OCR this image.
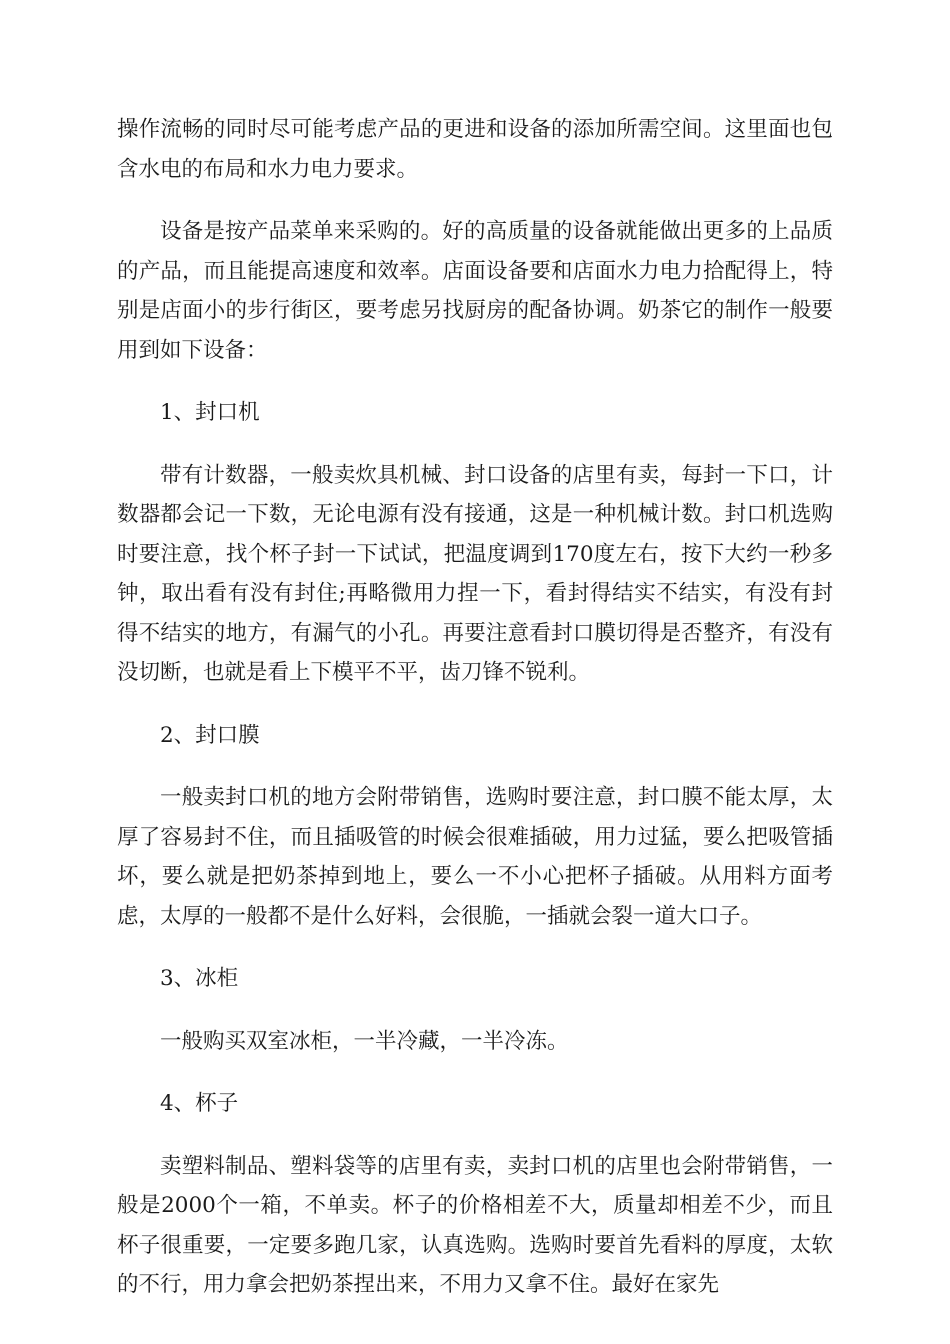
操作流畅的同时尽可能考虑产品的更进和设备的添加所需空间。这里面也包含水电的布局和水力电力要求。

设备是按产品菜单来采购的。好的高质量的设备就能做出更多的上品质的产品，而且能提高速度和效率。店面设备要和店面水力电力拾配得上，特别是店面小的步行街区，要考虑另找厨房的配备协调。奶茶它的制作一般要用到如下设备：

1、封口机

带有计数器，一般卖炊具机械、封口设备的店里有卖，每封一下口，计数器都会记一下数，无论电源有没有接通，这是一种机械计数。封口机选购时要注意，找个杯子封一下试试，把温度调到170度左右，按下大约一秒多钟，取出看有没有封住;再略微用力捏一下，看封得结实不结实，有没有封得不结实的地方，有漏气的小孔。再要注意看封口膜切得是否整齐，有没有没切断，也就是看上下模平不平，齿刀锋不锐利。

2、封口膜

一般卖封口机的地方会附带销售，选购时要注意，封口膜不能太厚，太厚了容易封不住，而且插吸管的时候会很难插破，用力过猛，要么把吸管插坏，要么就是把奶茶掉到地上，要么一不小心把杯子插破。从用料方面考虑，太厚的一般都不是什么好料，会很脆，一插就会裂一道大口子。

3、冰柜

一般购买双室冰柜，一半冷藏，一半冷冻。

4、杯子

卖塑料制品、塑料袋等的店里有卖，卖封口机的店里也会附带销售，一般是2000个一箱，不单卖。杯子的价格相差不大，质量却相差不少，而且杯子很重要，一定要多跑几家，认真选购。选购时要首先看料的厚度，太软的不行，用力拿会把奶茶捏出来，不用力又拿不住。最好在家先
